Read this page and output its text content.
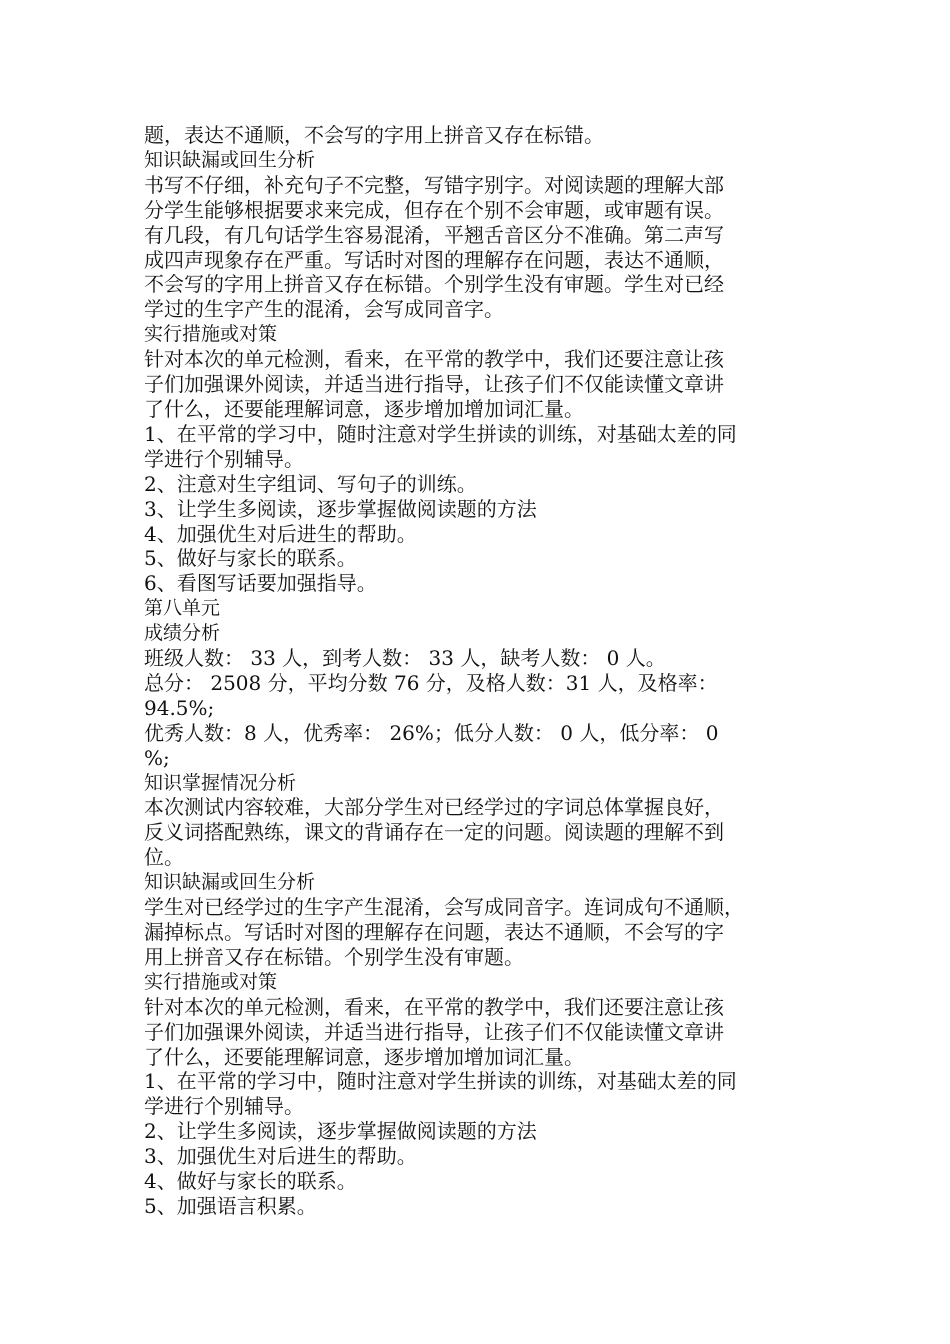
题，表达不通顺，不会写的字用上拼音又存在标错。

知识缺漏或回生分析

书写不仔细，补充句子不完整，写错字别字。对阅读题的理解大部

分学生能够根据要求来完成，但存在个别不会审题，或审题有误。

有几段，有几句话学生容易混淆，平翘舌音区分不准确。第二声写

成四声现象存在严重。写话时对图的理解存在问题，表达不通顺，

不会写的字用上拼音又存在标错。个别学生没有审题。学生对已经

学过的生字产生的混淆，会写成同音字。

实行措施或对策

针对本次的单元检测，看来，在平常的教学中，我们还要注意让孩

子们加强课外阅读，并适当进行指导，让孩子们不仅能读懂文章讲

了什么，还要能理解词意，逐步增加增加词汇量。

1、在平常的学习中，随时注意对学生拼读的训练，对基础太差的同

学进行个别辅导。

2、注意对生字组词、写句子的训练。

3、让学生多阅读，逐步掌握做阅读题的方法

4、加强优生对后进生的帮助。

5、做好与家长的联系。

6、看图写话要加强指导。

第八单元

成绩分析

班级人数： 33 人，到考人数： 33 人，缺考人数： 0 人。

总分： 2508 分，平均分数 76 分，及格人数：31 人，及格率：

94.5%;

优秀人数：8 人，优秀率： 26%；低分人数： 0 人，低分率： 0

%;

知识掌握情况分析

本次测试内容较难，大部分学生对已经学过的字词总体掌握良好，

反义词搭配熟练，课文的背诵存在一定的问题。阅读题的理解不到

位。

知识缺漏或回生分析

学生对已经学过的生字产生混淆，会写成同音字。连词成句不通顺，

漏掉标点。写话时对图的理解存在问题，表达不通顺，不会写的字

用上拼音又存在标错。个别学生没有审题。

实行措施或对策

针对本次的单元检测，看来，在平常的教学中，我们还要注意让孩

子们加强课外阅读，并适当进行指导，让孩子们不仅能读懂文章讲

了什么，还要能理解词意，逐步增加增加词汇量。

1、在平常的学习中，随时注意对学生拼读的训练，对基础太差的同

学进行个别辅导。

2、让学生多阅读，逐步掌握做阅读题的方法

3、加强优生对后进生的帮助。

4、做好与家长的联系。

5、加强语言积累。
